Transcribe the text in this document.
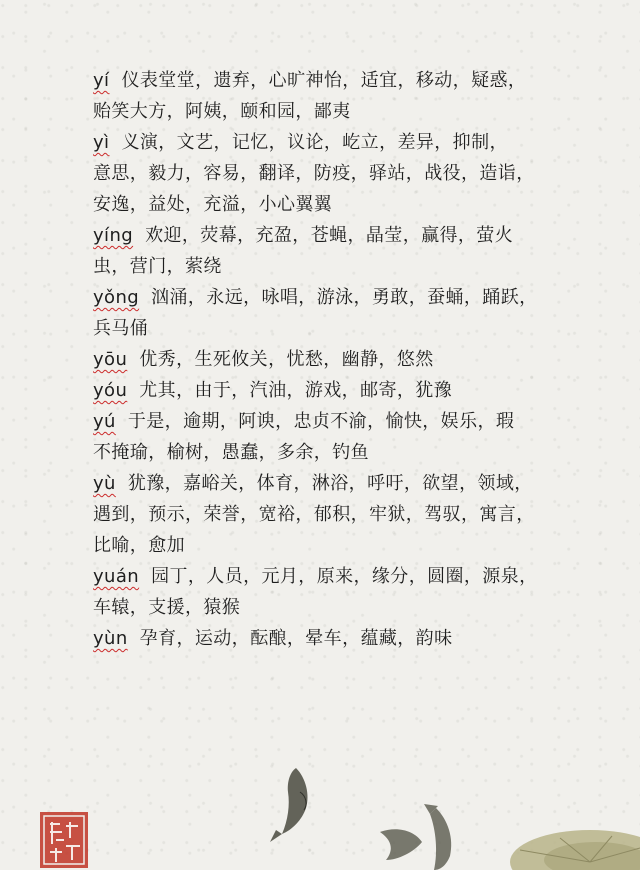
yí 仪表堂堂，遗弃，心旷神怡，适宜，移动，疑惑，
贻笑大方，阿姨，颐和园，鄙夷
yì 义演，文艺，记忆，议论，屹立，差异，抑制，
意思，毅力，容易，翻译，防疫，驿站，战役，造诣，
安逸，益处，充溢，小心翼翼
yíng 欢迎，荧幕，充盈，苍蝇，晶莹，赢得，萤火
虫，营门，萦绕
yǒng 汹涌，永远，咏唱，游泳，勇敢，蚕蛹，踊跃，
兵马俑
yōu 优秀，生死攸关，忧愁，幽静，悠然
yóu 尤其，由于，汽油，游戏，邮寄，犹豫
yú 于是，逾期，阿谀，忠贞不渝，愉快，娱乐，瑕
不掩瑜，榆树，愚蠢，多余，钓鱼
yù 犹豫，嘉峪关，体育，淋浴，呼吁，欲望，领域，
遇到，预示，荣誉，宽裕，郁积，牢狱，驾驭，寓言，
比喻，愈加
yuán 园丁，人员，元月，原来，缘分，圆圈，源泉，
车辕，支援，猿猴
yùn 孕育，运动，酝酿，晕车，蕴藏，韵味
